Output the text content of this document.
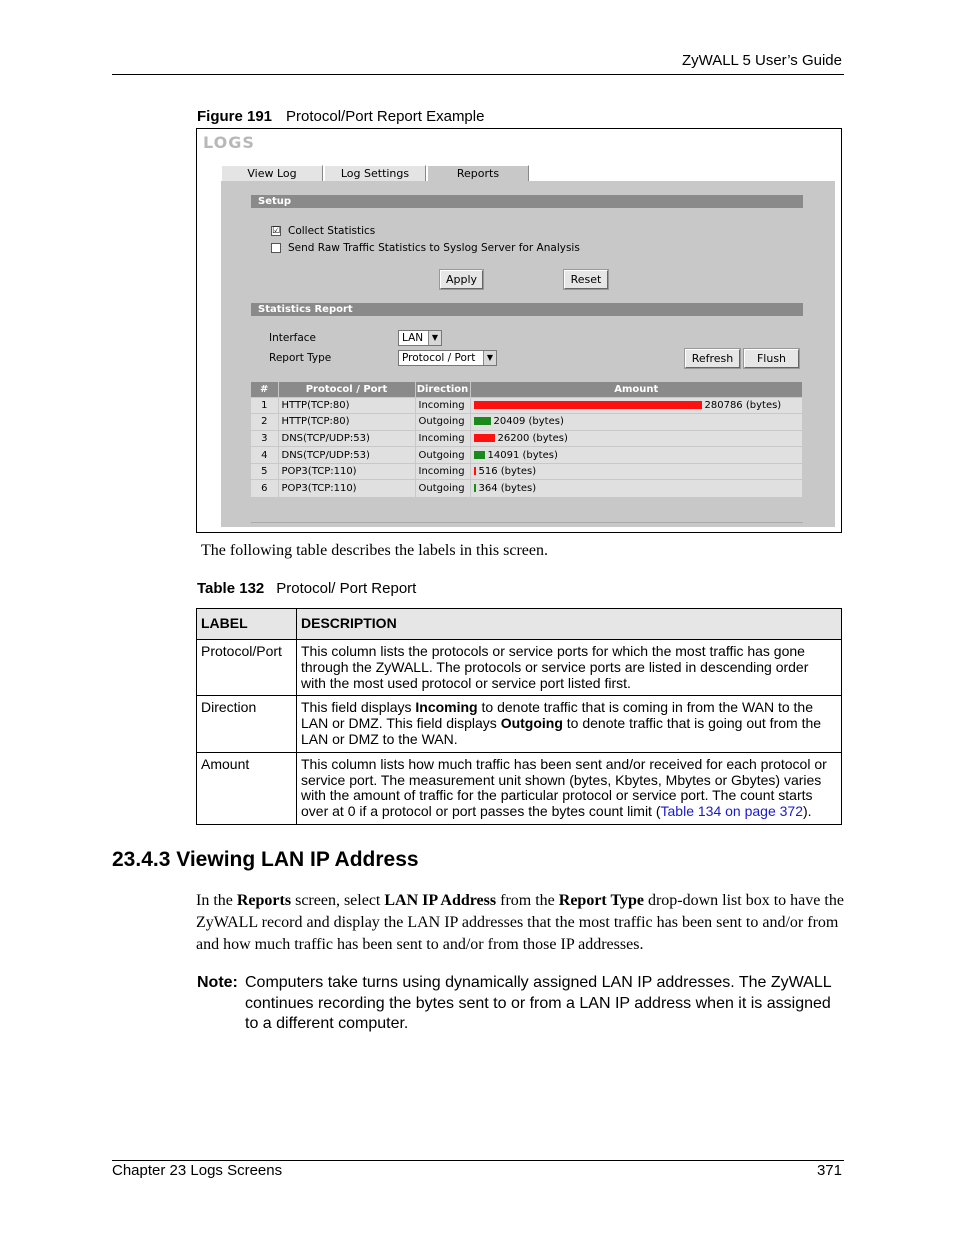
ZyWALL 5 User’s Guide
Figure 191 Protocol/Port Report Example
LOGS
View Log	Log Settings	Reports
Setup
☑ Collect Statistics
Send Raw Traffic Statistics to Syslog Server for Analysis
Apply	Reset
Statistics Report
Interface	LAN	▼
Report Type	Protocol / Port	▼	Refresh	Flush
#	Protocol / Port	Direction	Amount
1	HTTP(TCP:80)	Incoming	280786 (bytes)
2	HTTP(TCP:80)	Outgoing	20409 (bytes)
3	DNS(TCP/UDP:53)	Incoming	26200 (bytes)
4	DNS(TCP/UDP:53)	Outgoing	14091 (bytes)
5	POP3(TCP:110)	Incoming	516 (bytes)
6	POP3(TCP:110)	Outgoing	364 (bytes)
The following table describes the labels in this screen.
Table 132 Protocol/ Port Report
LABEL	DESCRIPTION
Protocol/Port	This column lists the protocols or service ports for which the most traffic has gone through the ZyWALL. The protocols or service ports are listed in descending order with the most used protocol or service port listed first.
Direction	This field displays Incoming to denote traffic that is coming in from the WAN to the LAN or DMZ. This field displays Outgoing to denote traffic that is going out from the LAN or DMZ to the WAN.
Amount	This column lists how much traffic has been sent and/or received for each protocol or service port. The measurement unit shown (bytes, Kbytes, Mbytes or Gbytes) varies with the amount of traffic for the particular protocol or service port. The count starts over at 0 if a protocol or port passes the bytes count limit (Table 134 on page 372).
23.4.3 Viewing LAN IP Address
In the Reports screen, select LAN IP Address from the Report Type drop-down list box to have the ZyWALL record and display the LAN IP addresses that the most traffic has been sent to and/or from and how much traffic has been sent to and/or from those IP addresses.
Note: Computers take turns using dynamically assigned LAN IP addresses. The ZyWALL continues recording the bytes sent to or from a LAN IP address when it is assigned to a different computer.
Chapter 23 Logs Screens	371
